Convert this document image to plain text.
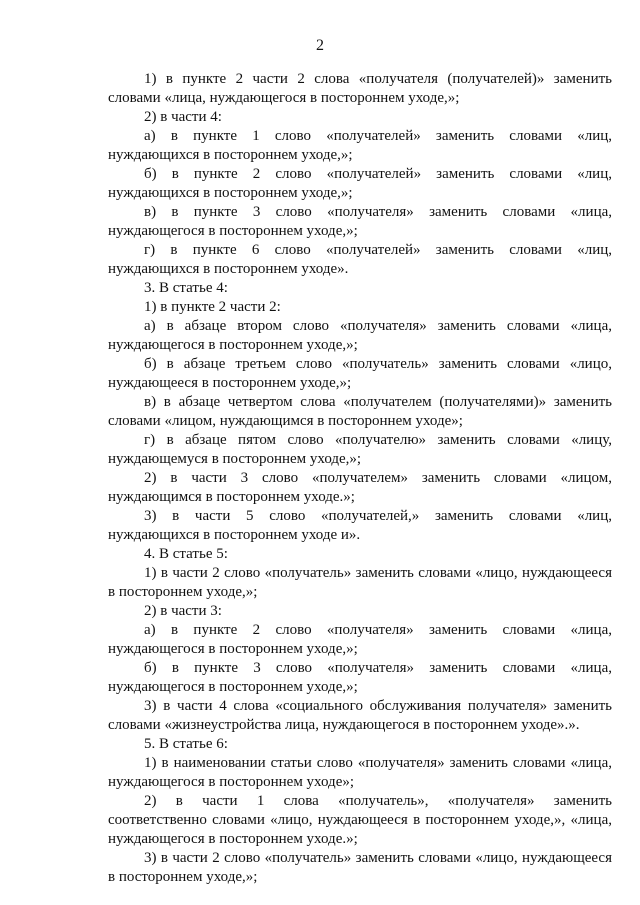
2
1) в пункте 2 части 2 слова «получателя (получателей)» заменить
словами «лица, нуждающегося в постороннем уходе,»;
2) в части 4:
а) в пункте 1 слово «получателей» заменить словами «лиц,
нуждающихся в постороннем уходе,»;
б) в пункте 2 слово «получателей» заменить словами «лиц,
нуждающихся в постороннем уходе,»;
в) в пункте 3 слово «получателя» заменить словами «лица,
нуждающегося в постороннем уходе,»;
г) в пункте 6 слово «получателей» заменить словами «лиц,
нуждающихся в постороннем уходе».
3. В статье 4:
1) в пункте 2 части 2:
а) в абзаце втором слово «получателя» заменить словами «лица,
нуждающегося в постороннем уходе,»;
б) в абзаце третьем слово «получатель» заменить словами «лицо,
нуждающееся в постороннем уходе,»;
в) в абзаце четвертом слова «получателем (получателями)» заменить
словами «лицом, нуждающимся в постороннем уходе»;
г) в абзаце пятом слово «получателю» заменить словами «лицу,
нуждающемуся в постороннем уходе,»;
2) в части 3 слово «получателем» заменить словами «лицом,
нуждающимся в постороннем уходе.»;
3) в части 5 слово «получателей,» заменить словами «лиц,
нуждающихся в постороннем уходе и».
4. В статье 5:
1) в части 2 слово «получатель» заменить словами «лицо, нуждающееся
в постороннем уходе,»;
2) в части 3:
а) в пункте 2 слово «получателя» заменить словами «лица,
нуждающегося в постороннем уходе,»;
б) в пункте 3 слово «получателя» заменить словами «лица,
нуждающегося в постороннем уходе,»;
3) в части 4 слова «социального обслуживания получателя» заменить
словами «жизнеустройства лица, нуждающегося в постороннем уходе».».
5. В статье 6:
1) в наименовании статьи слово «получателя» заменить словами «лица,
нуждающегося в постороннем уходе»;
2) в части 1 слова «получатель», «получателя» заменить
соответственно словами «лицо, нуждающееся в постороннем уходе,», «лица,
нуждающегося в постороннем уходе.»;
3) в части 2 слово «получатель» заменить словами «лицо, нуждающееся
в постороннем уходе,»;
